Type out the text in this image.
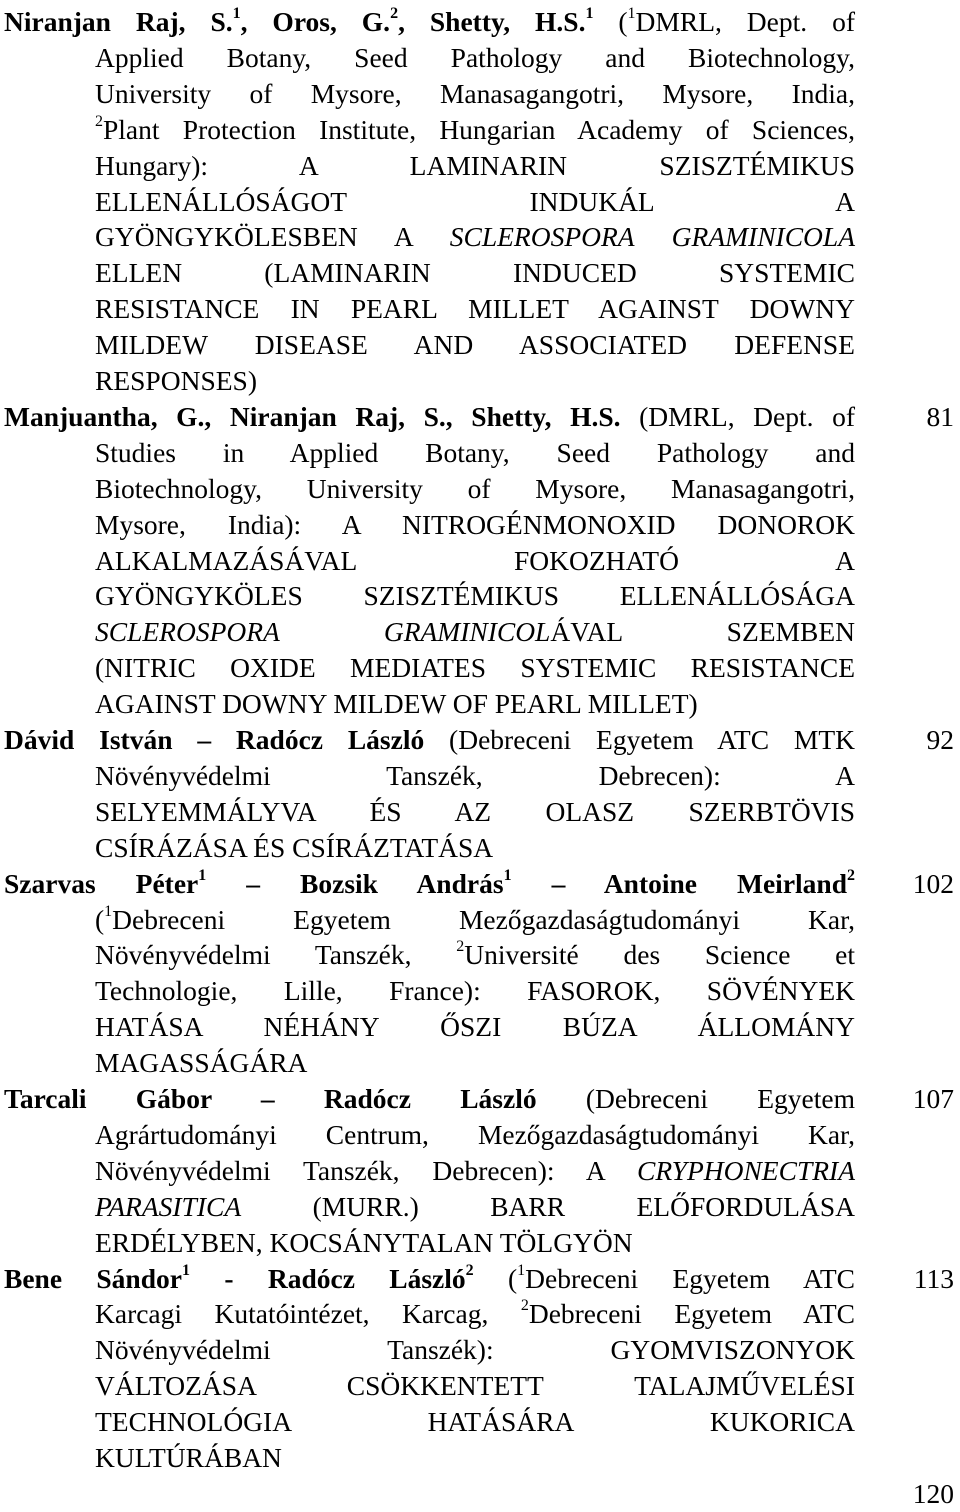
Niranjan Raj, S.$^1$, Oros, G.$^2$, Shetty, H.S.$^1$ ($^1$DMRL, Dept. of
Applied Botany, Seed Pathology and Biotechnology,
University of Mysore, Manasagangotri, Mysore, India,
$^2$Plant Protection Institute, Hungarian Academy of Sciences,
Hungary): A LAMINARIN SZISZTÉMIKUS
ELLENÁLLÓSÁGOT INDUKÁL A
GYÖNGYKÖLESBEN A SCLEROSPORA GRAMINICOLA
ELLEN (LAMINARIN INDUCED SYSTEMIC
RESISTANCE IN PEARL MILLET AGAINST DOWNY
MILDEW DISEASE AND ASSOCIATED DEFENSE
RESPONSES)
Manjuantha, G., Niranjan Raj, S., Shetty, H.S. (DMRL, Dept. of
Studies in Applied Botany, Seed Pathology and
Biotechnology, University of Mysore, Manasagangotri,
Mysore, India): A NITROGÉNMONOXID DONOROK
ALKALMAZÁSÁVAL FOKOZHATÓ A
GYÖNGYKÖLES SZISZTÉMIKUS ELLENÁLLÓSÁGA
SCLEROSPORA GRAMINICOLÁVAL SZEMBEN
(NITRIC OXIDE MEDIATES SYSTEMIC RESISTANCE
AGAINST DOWNY MILDEW OF PEARL MILLET)
81
Dávid István – Radócz László (Debreceni Egyetem ATC MTK
Növényvédelmi Tanszék, Debrecen): A
SELYEMMÁLYVA ÉS AZ OLASZ SZERBTÖVIS
CSÍRÁZÁSA ÉS CSÍRÁZTATÁSA
92
Szarvas Péter$^1$ – Bozsik András$^1$ – Antoine Meirland$^2$
($^1$Debreceni Egyetem Mezőgazdaságtudományi Kar,
Növényvédelmi Tanszék, $^2$Université des Science et
Technologie, Lille, France): FASOROK, SÖVÉNYEK
HATÁSA NÉHÁNY ŐSZI BÚZA ÁLLOMÁNY
MAGASSÁGÁRA
102
Tarcali Gábor – Radócz László (Debreceni Egyetem
Agrártudományi Centrum, Mezőgazdaságtudományi Kar,
Növényvédelmi Tanszék, Debrecen): A CRYPHONECTRIA
PARASITICA (MURR.) BARR ELŐFORDULÁSA
ERDÉLYBEN, KOCSÁNYTALAN TÖLGYÖN
107
Bene Sándor$^1$ - Radócz László$^2$ ($^1$Debreceni Egyetem ATC
Karcagi Kutatóintézet, Karcag, $^2$Debreceni Egyetem ATC
Növényvédelmi Tanszék): GYOMVISZONYOK
VÁLTOZÁSA CSÖKKENTETT TALAJMŰVELÉSI
TECHNOLÓGIA HATÁSÁRA KUKORICA
KULTÚRÁBAN
113
120
